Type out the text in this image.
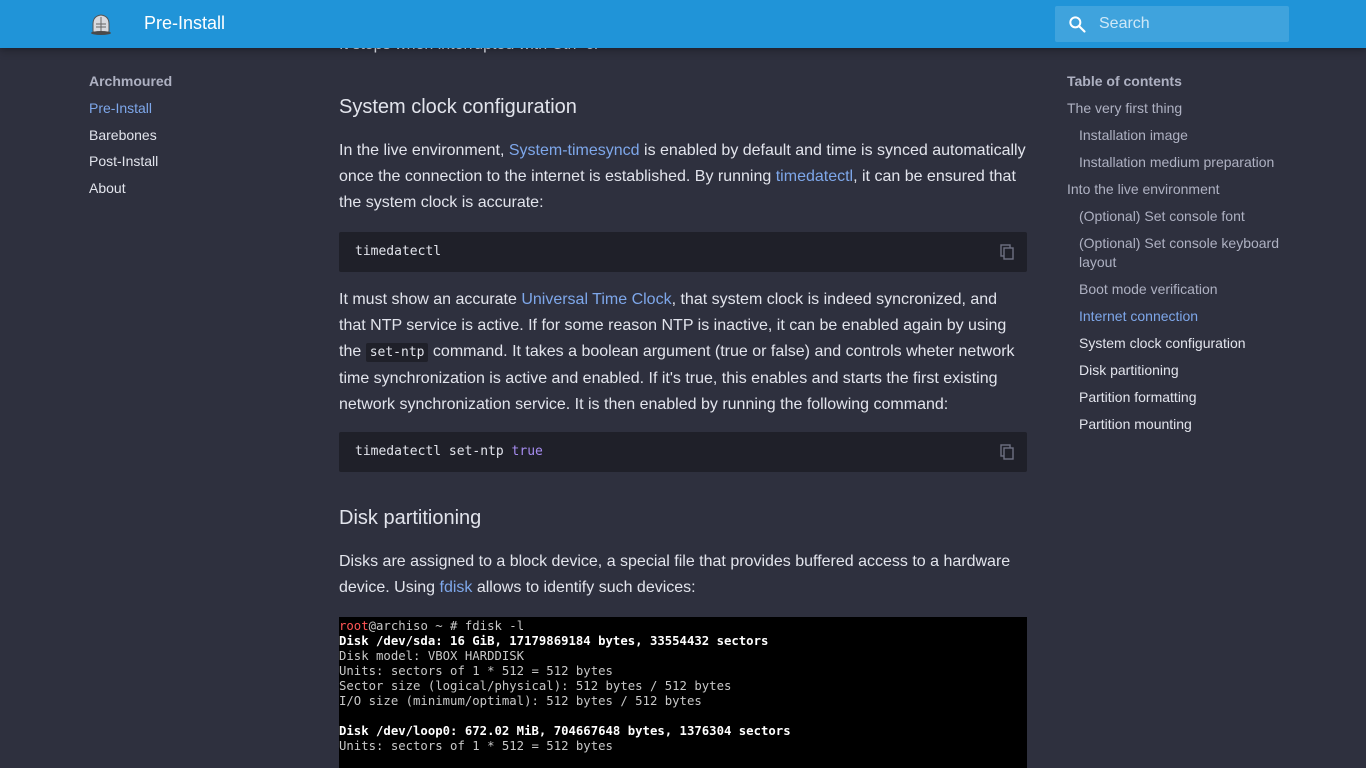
Pre-Install
Search
Archmoured
Pre-Install
Barebones
Post-Install
About
System clock configuration

In the live environment, System-timesyncd is enabled by default and time is synced automatically once the connection to the internet is established. By running timedatectl, it can be ensured that the system clock is accurate:

timedatectl

It must show an accurate Universal Time Clock, that system clock is indeed syncronized, and that NTP service is active. If for some reason NTP is inactive, it can be enabled again by using the set-ntp command. It takes a boolean argument (true or false) and controls wheter network time synchronization is active and enabled. If it's true, this enables and starts the first existing network synchronization service. It is then enabled by running the following command:

timedatectl set-ntp true
Disk partitioning

Disks are assigned to a block device, a special file that provides buffered access to a hardware device. Using fdisk allows to identify such devices:

root@archiso ~ # fdisk -l
Disk /dev/sda: 16 GiB, 17179869184 bytes, 33554432 sectors
Disk model: VBOX HARDDISK
Units: sectors of 1 * 512 = 512 bytes
Sector size (logical/physical): 512 bytes / 512 bytes
I/O size (minimum/optimal): 512 bytes / 512 bytes

Disk /dev/loop0: 672.02 MiB, 704667648 bytes, 1376304 sectors
Units: sectors of 1 * 512 = 512 bytes
Table of contents
The very first thing
Installation image
Installation medium preparation
Into the live environment
(Optional) Set console font
(Optional) Set console keyboard layout
Boot mode verification
Internet connection
System clock configuration
Disk partitioning
Partition formatting
Partition mounting
